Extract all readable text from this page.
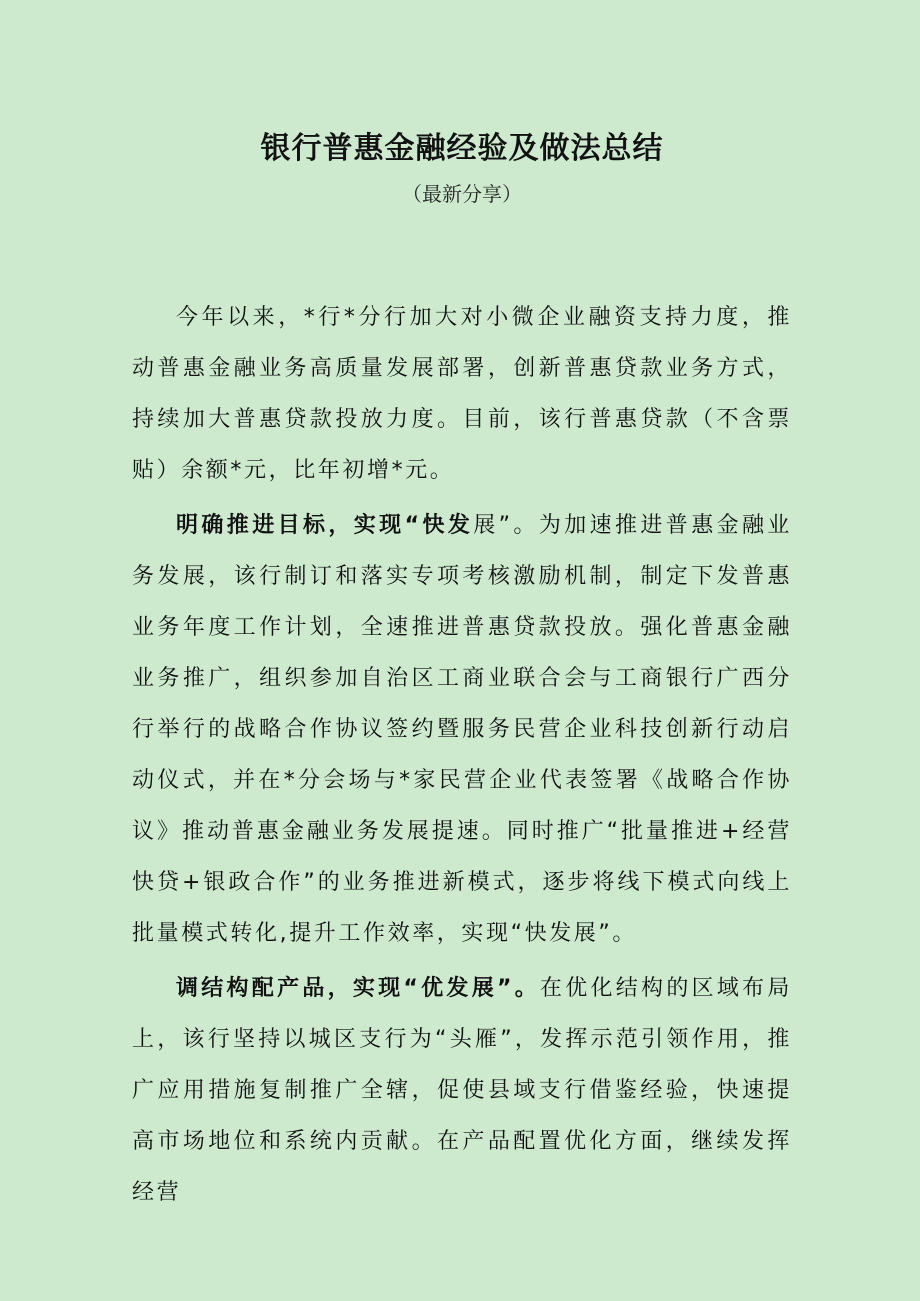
银行普惠金融经验及做法总结
（最新分享）

今年以来，*行*分行加大对小微企业融资支持力度，推动普惠金融业务高质量发展部署，创新普惠贷款业务方式，持续加大普惠贷款投放力度。目前，该行普惠贷款（不含票贴）余额*元，比年初增*元。

明确推进目标，实现“快发展”。为加速推进普惠金融业务发展，该行制订和落实专项考核激励机制，制定下发普惠业务年度工作计划，全速推进普惠贷款投放。强化普惠金融业务推广，组织参加自治区工商业联合会与工商银行广西分行举行的战略合作协议签约暨服务民营企业科技创新行动启动仪式，并在*分会场与*家民营企业代表签署《战略合作协议》推动普惠金融业务发展提速。同时推广“批量推进+经营快贷+银政合作”的业务推进新模式，逐步将线下模式向线上批量模式转化,提升工作效率，实现“快发展”。

调结构配产品，实现“优发展”。在优化结构的区域布局上，该行坚持以城区支行为“头雁”，发挥示范引领作用，推广应用措施复制推广全辖，促使县域支行借鉴经验，快速提高市场地位和系统内贡献。在产品配置优化方面，继续发挥经营
